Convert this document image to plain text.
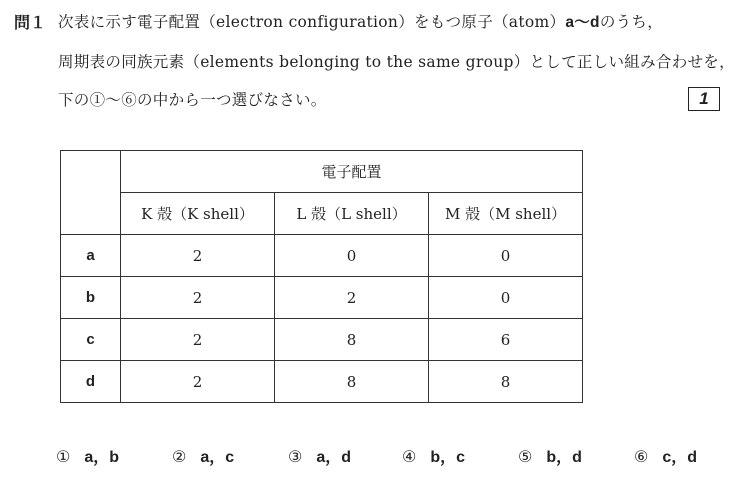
問１ 次表に示す電子配置（electron configuration）をもつ原子（atom）a〜dのうち，
周期表の同族元素（elements belonging to the same group）として正しい組み合わせを，
下の①〜⑥の中から一つ選びなさい。	1
	電子配置		
	K 殻（K shell）	L 殻（L shell）	M 殻（M shell）
a	2	0	0
b	2	2	0
c	2	8	6
d	2	8	8
① a，b	② a，c	③ a，d	④ b，c	⑤ b，d	⑥ c，d
